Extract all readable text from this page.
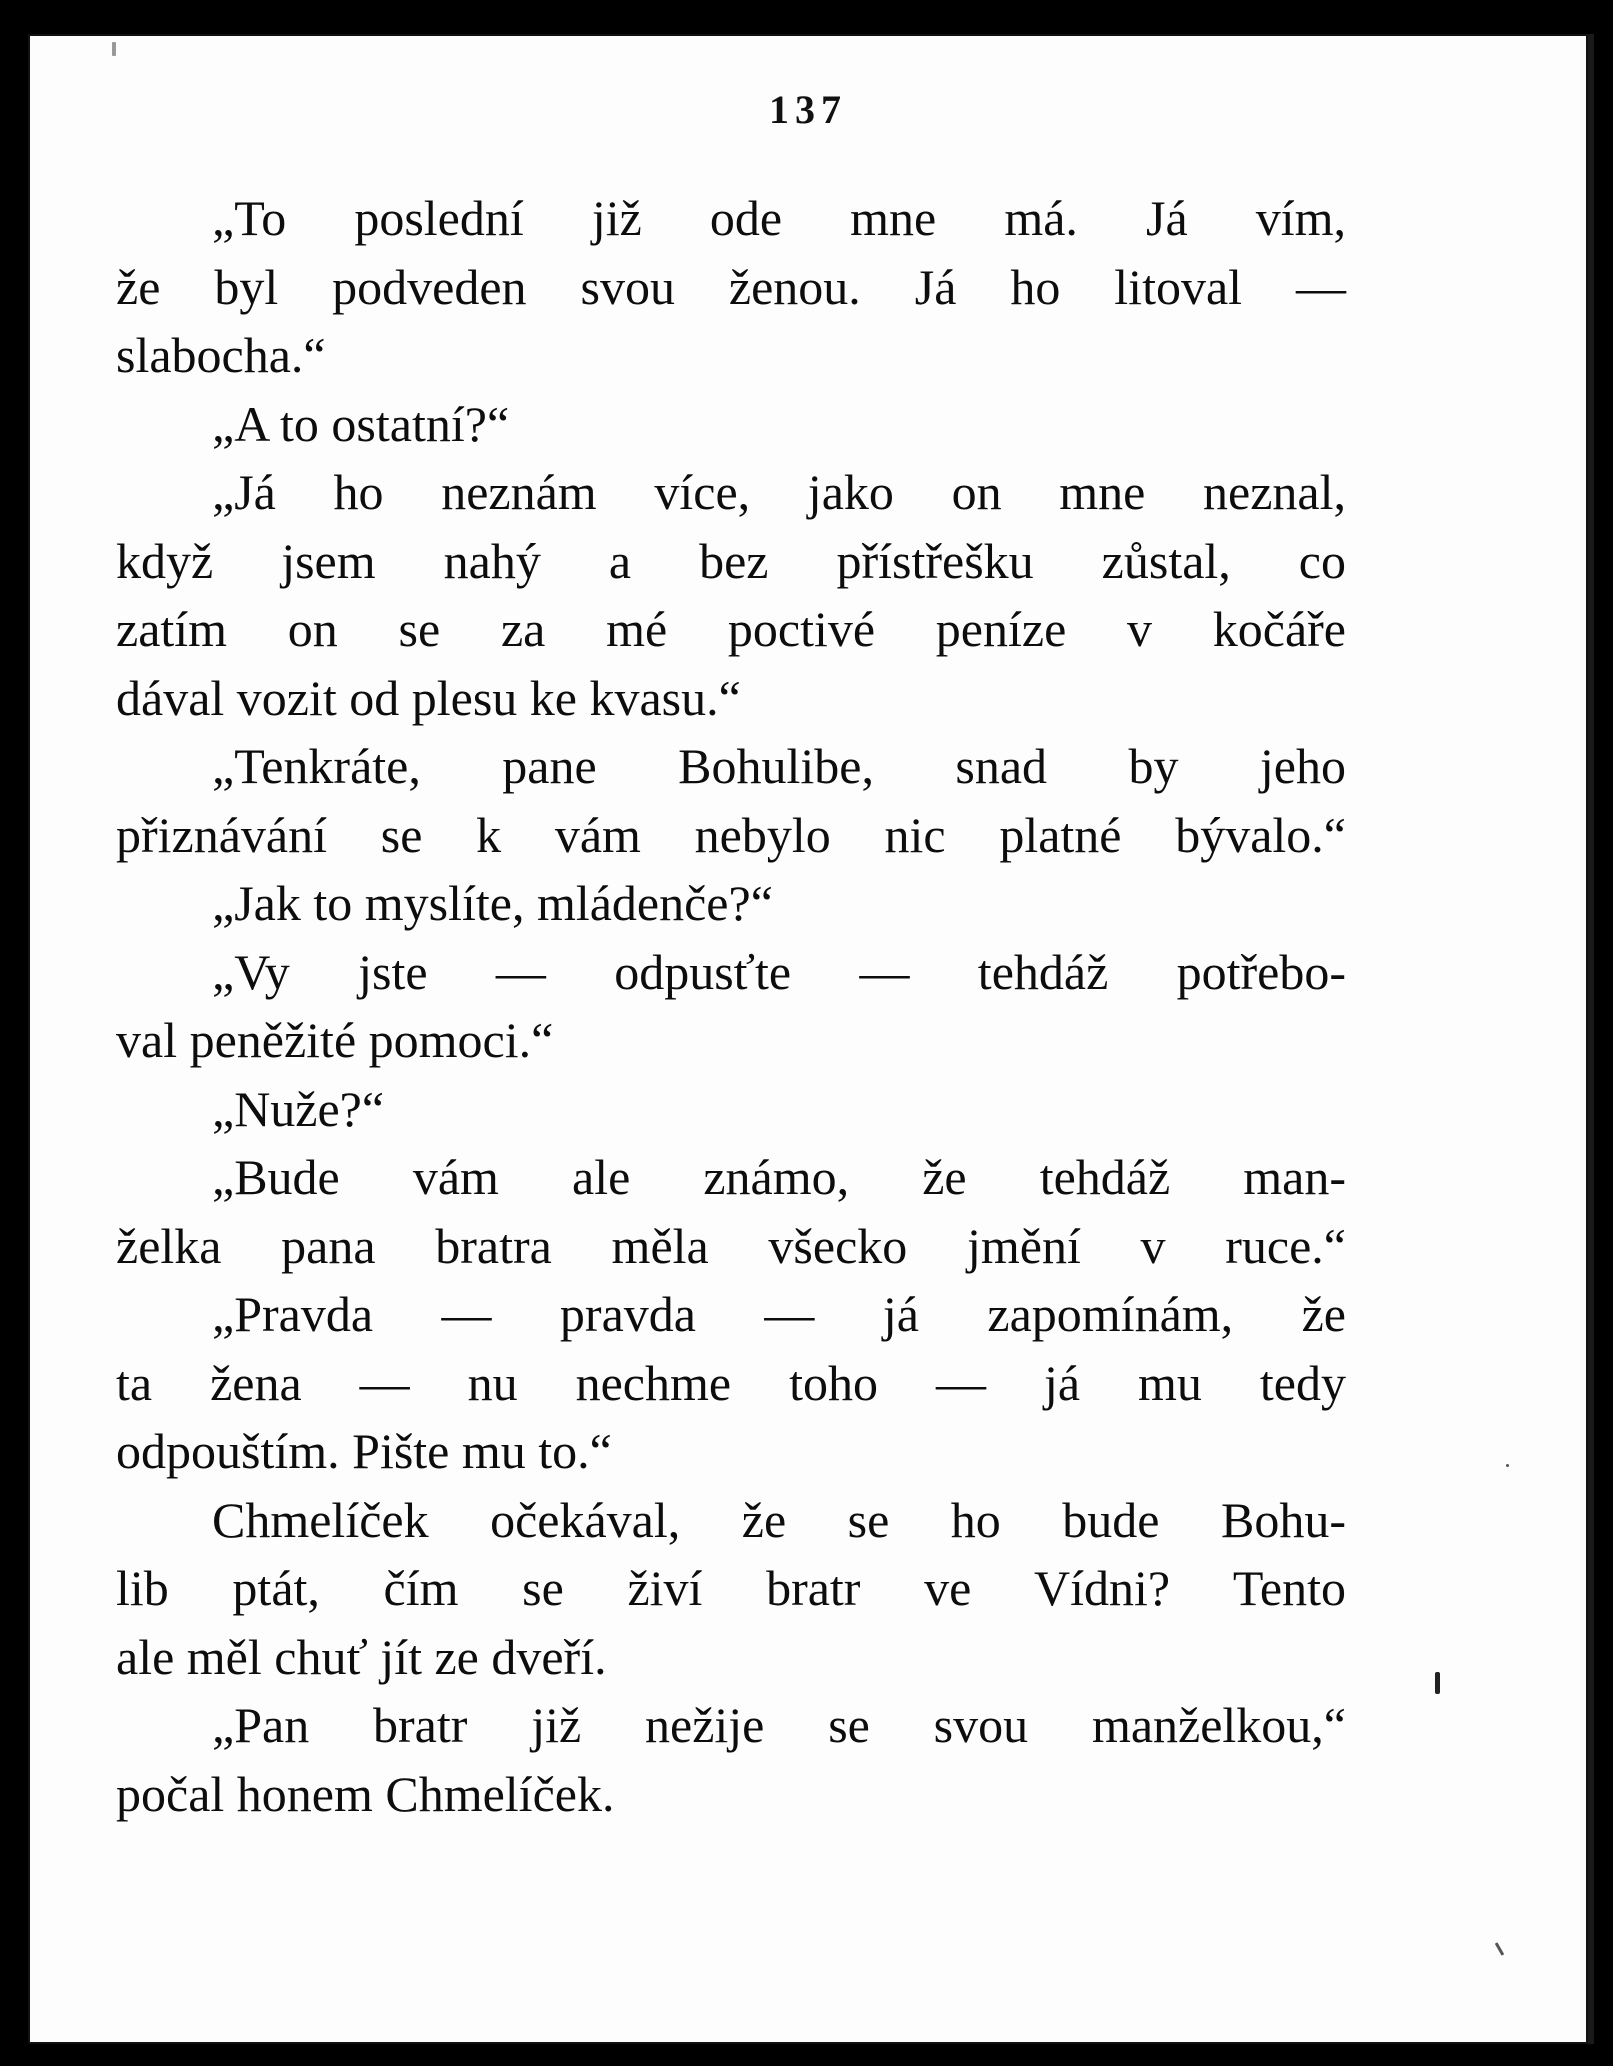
137
„To poslední již ode mne má. Já vím,
že byl podveden svou ženou. Já ho litoval —
slabocha.“
„A to ostatní?“
„Já ho neznám více, jako on mne neznal,
když jsem nahý a bez přístřešku zůstal, co
zatím on se za mé poctivé peníze v kočáře
dával vozit od plesu ke kvasu.“
„Tenkráte, pane Bohulibe, snad by jeho
přiznávání se k vám nebylo nic platné bývalo.“
„Jak to myslíte, mládenče?“
„Vy jste — odpusťte — tehdáž potřebo-
val peněžité pomoci.“
„Nuže?“
„Bude vám ale známo, že tehdáž man-
želka pana bratra měla všecko jmění v ruce.“
„Pravda — pravda — já zapomínám, že
ta žena — nu nechme toho — já mu tedy
odpouštím. Pište mu to.“
Chmelíček očekával, že se ho bude Bohu-
lib ptát, čím se živí bratr ve Vídni? Tento
ale měl chuť jít ze dveří.
„Pan bratr již nežije se svou manželkou,“
počal honem Chmelíček.
